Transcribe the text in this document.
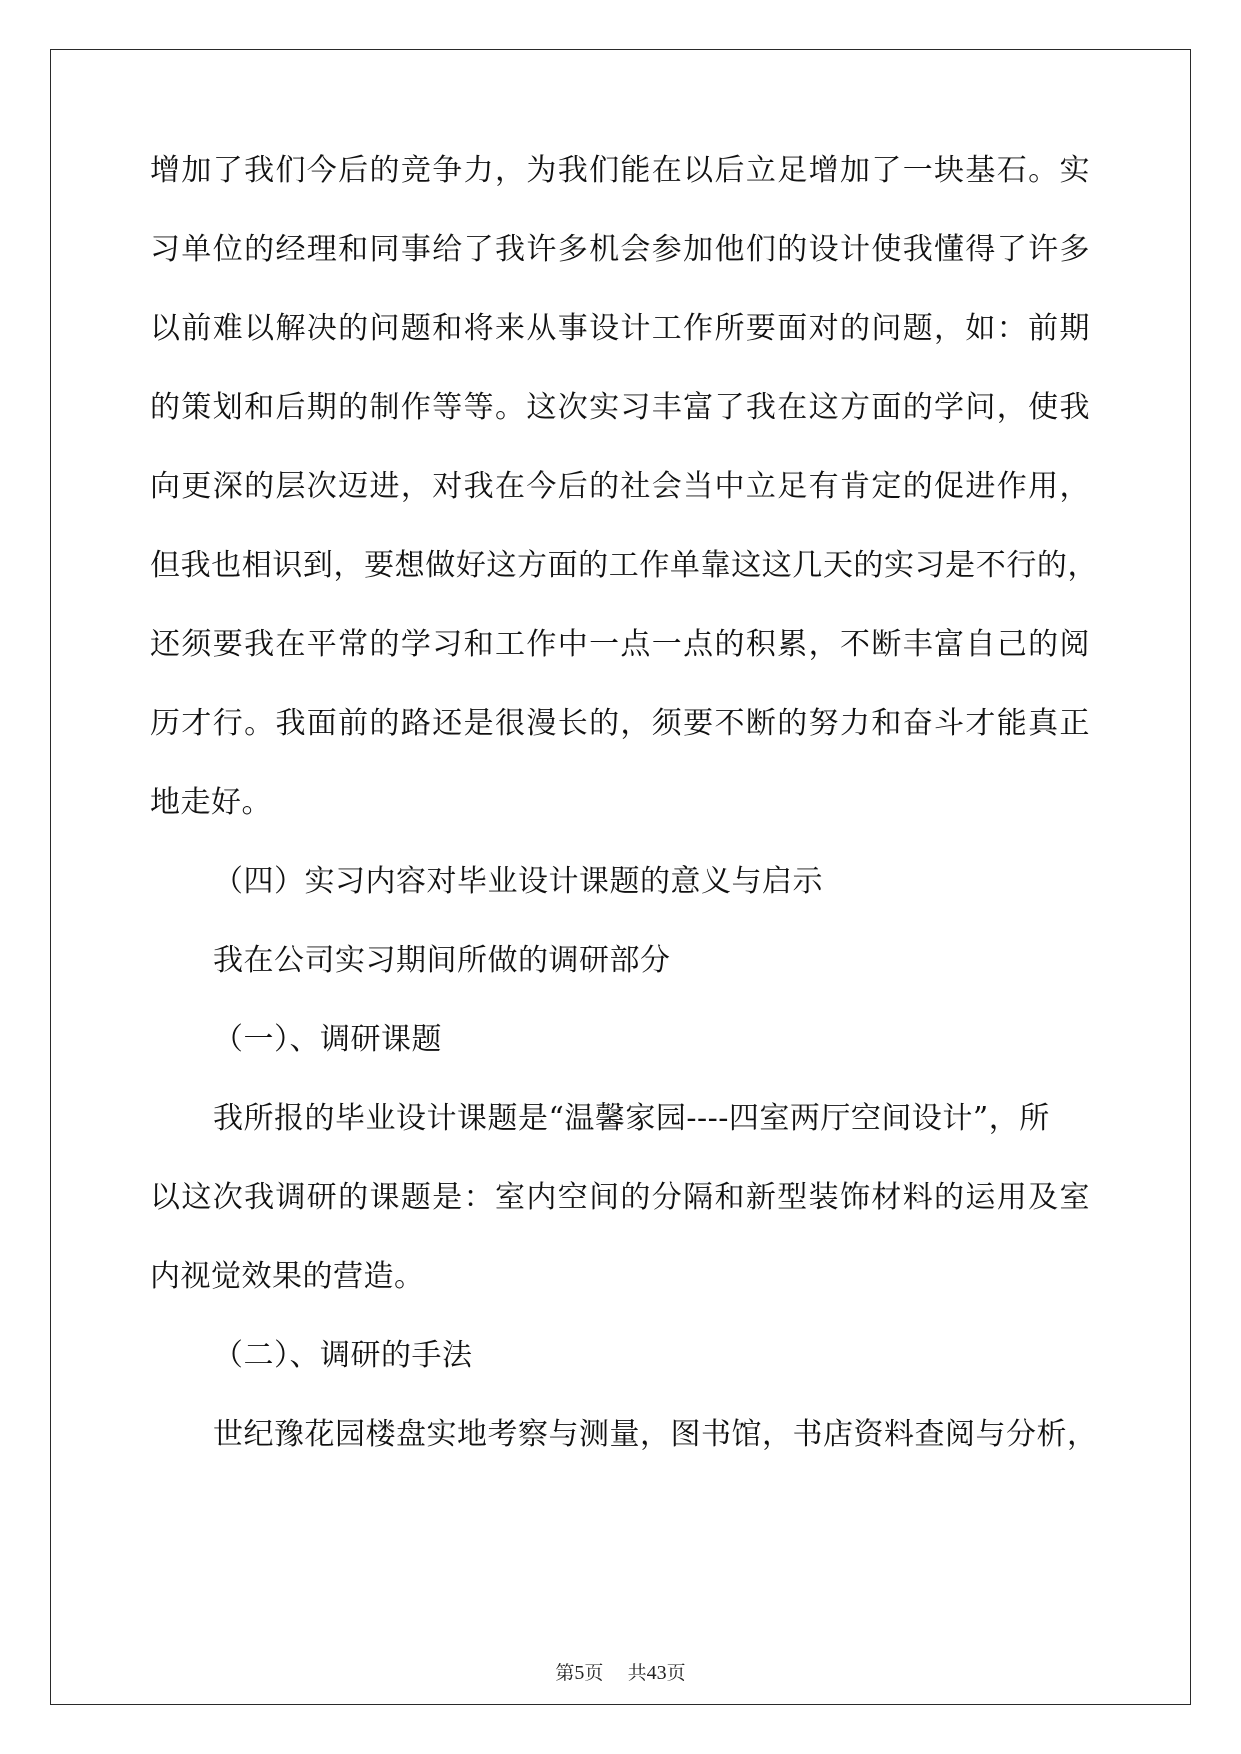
增加了我们今后的竞争力，为我们能在以后立足增加了一块基石。实
习单位的经理和同事给了我许多机会参加他们的设计使我懂得了许多
以前难以解决的问题和将来从事设计工作所要面对的问题，如：前期
的策划和后期的制作等等。这次实习丰富了我在这方面的学问，使我
向更深的层次迈进，对我在今后的社会当中立足有肯定的促进作用，
但我也相识到，要想做好这方面的工作单靠这这几天的实习是不行的，
还须要我在平常的学习和工作中一点一点的积累，不断丰富自己的阅
历才行。我面前的路还是很漫长的，须要不断的努力和奋斗才能真正
地走好。
（四）实习内容对毕业设计课题的意义与启示
我在公司实习期间所做的调研部分
（一）、调研课题
我所报的毕业设计课题是“温馨家园----四室两厅空间设计”，所
以这次我调研的课题是：室内空间的分隔和新型装饰材料的运用及室
内视觉效果的营造。
（二）、调研的手法
世纪豫花园楼盘实地考察与测量，图书馆，书店资料查阅与分析，
第5页 共43页
